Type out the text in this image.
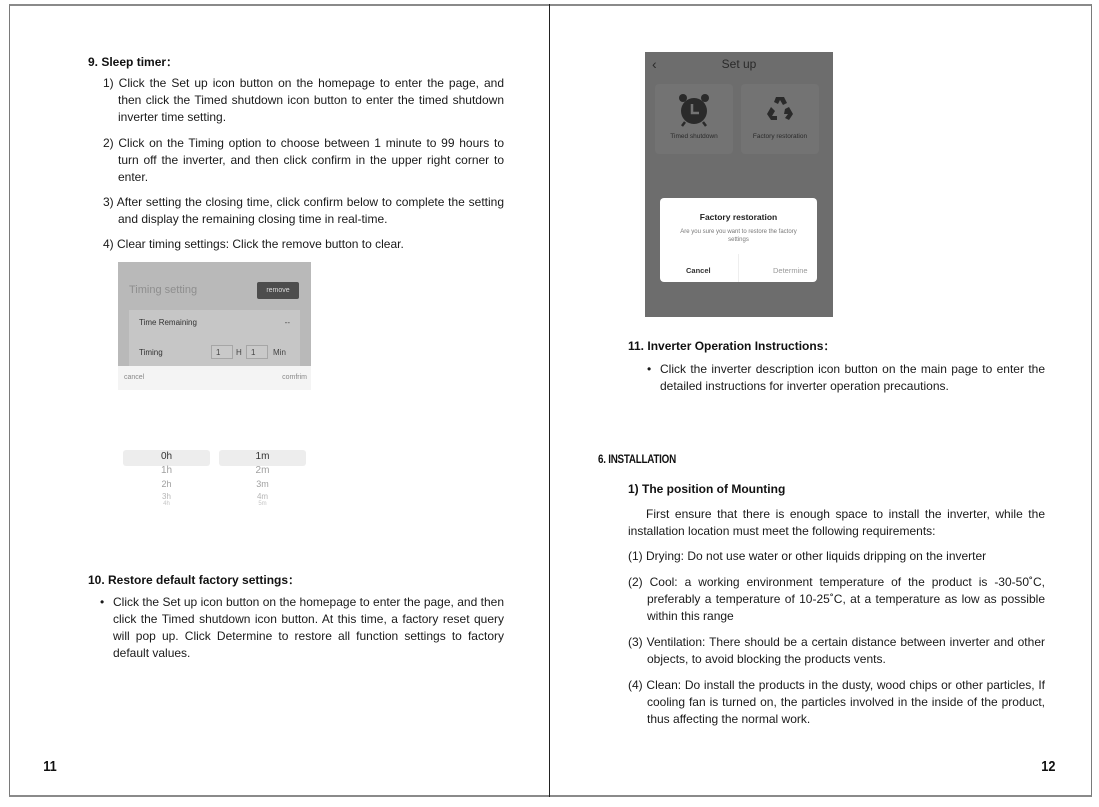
9. Sleep timer：
1) Click the Set up icon button on the homepage to enter the page, and then click the Timed shutdown icon button to enter the timed shutdown inverter time setting.
2) Click on the Timing option to choose between 1 minute to 99 hours to turn off the inverter, and then click confirm in the upper right corner to enter.
3) After setting the closing time, click confirm below to complete the setting and display the remaining closing time in real-time.
4) Clear timing settings: Click the remove button to clear.
Timing setting	remove
Time Remaining	--
Timing	1	H	1	Min
cancel	comfrim
0h
1h
2h
3h
4h
1m
2m
3m
4m
5m
10. Restore default factory settings：
• Click the Set up icon button on the homepage to enter the page, and then click the Timed shutdown icon button. At this time, a factory reset query will pop up. Click Determine to restore all function settings to factory default values.
11
‹	Set up
Timed shutdown	Factory restoration
Factory restoration
Are you sure you want to restore the factory settings
Cancel	Determine
11. Inverter Operation Instructions：
• Click the inverter description icon button on the main page to enter the detailed instructions for inverter operation precautions.
6. INSTALLATION
1) The position of Mounting
First ensure that there is enough space to install the inverter, while the installation location must meet the following requirements:
(1) Drying: Do not use water or other liquids dripping on the inverter
(2) Cool: a working environment temperature of the product is -30-50˚C, preferably a temperature of 10-25˚C, at a temperature as low as possible within this range
(3) Ventilation: There should be a certain distance between inverter and other objects, to avoid blocking the products vents.
(4) Clean: Do install the products in the dusty, wood chips or other particles, If cooling fan is turned on, the particles involved in the inside of the product, thus affecting the normal work.
12
